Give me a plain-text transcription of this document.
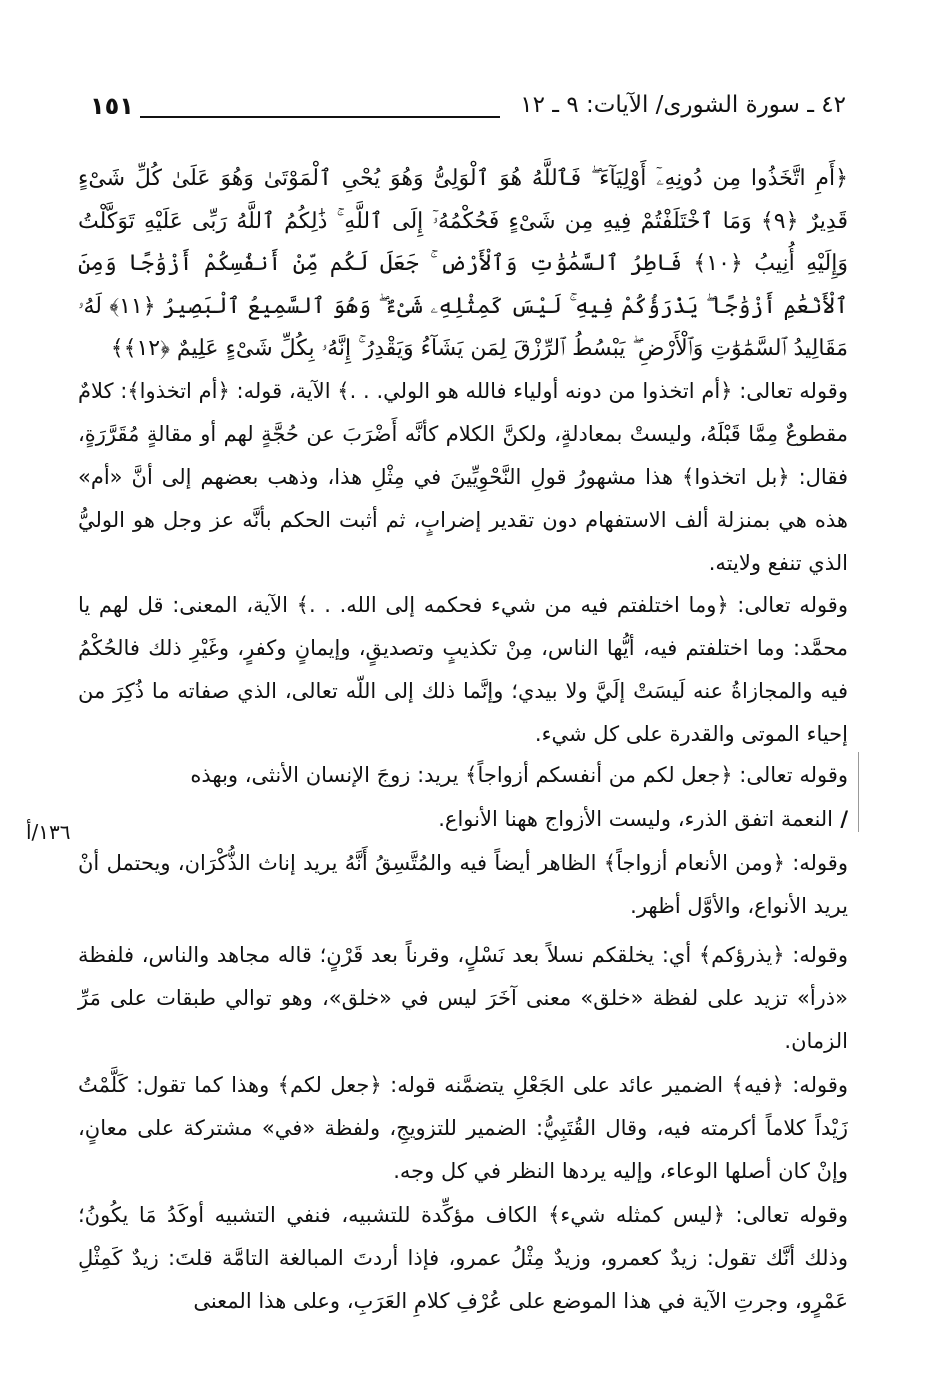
١٥١	٤٢ ـ سورة الشورى/ الآيات: ٩ ـ ١٢
﴿أَمِ اتَّخَذُوا مِن دُونِهِۦٓ أَوْلِيَآءَ ۖ فَٱللَّهُ هُوَ ٱلْوَلِىُّ وَهُوَ يُحْىِ ٱلْمَوْتَىٰ وَهُوَ عَلَىٰ كُلِّ شَىْءٍ قَدِيرٌ ﴿٩﴾ وَمَا ٱخْتَلَفْتُمْ فِيهِ مِن شَىْءٍ فَحُكْمُهُۥٓ إِلَى ٱللَّهِ ۚ ذَٰلِكُمُ ٱللَّهُ رَبِّى عَلَيْهِ تَوَكَّلْتُ وَإِلَيْهِ أُنِيبُ ﴿١٠﴾ فَاطِرُ ٱلسَّمَٰوَٰتِ وَٱلْأَرْضِ ۚ جَعَلَ لَكُم مِّنْ أَنفُسِكُمْ أَزْوَٰجًا وَمِنَ ٱلْأَنْعَٰمِ أَزْوَٰجًا ۖ يَذْرَؤُكُمْ فِيهِ ۚ لَيْسَ كَمِثْلِهِۦ شَىْءٌ ۖ وَهُوَ ٱلسَّمِيعُ ٱلْبَصِيرُ ﴿١١﴾ لَهُۥ مَقَالِيدُ ٱلسَّمَٰوَٰتِ وَٱلْأَرْضِ ۖ يَبْسُطُ ٱلرِّزْقَ لِمَن يَشَآءُ وَيَقْدِرُ ۚ إِنَّهُۥ بِكُلِّ شَىْءٍ عَلِيمٌ ﴿١٢﴾﴾
وقوله تعالى: ﴿أم اتخذوا من دونه أولياء فالله هو الولي. . .﴾ الآية، قوله: ﴿أم اتخذوا﴾: كلامٌ مقطوعٌ مِمَّا قَبْلَهُ، وليستْ بمعادلةٍ، ولكنَّ الكلام كأنَّه أَضْرَبَ عن حُجَّةٍ لهم أو مقالةٍ مُقَرَّرَةٍ، فقال: ﴿بل اتخذوا﴾ هذا مشهورُ قولِ النَّحْوِيِّينَ في مِثْلِ هذا، وذهب بعضهم إلى أنَّ «أم» هذه هي بمنزلة ألف الاستفهام دون تقدير إضرابٍ، ثم أثبت الحكم بأنَّه عز وجل هو الوليُّ الذي تنفع ولايته.
وقوله تعالى: ﴿وما اختلفتم فيه من شيء فحكمه إلى الله. . .﴾ الآية، المعنى: قل لهم يا محمَّد: وما اختلفتم فيه، أيُّها الناس، مِنْ تكذيبٍ وتصديقٍ، وإيمانٍ وكفرٍ، وغَيْرِ ذلك فالحُكْمُ فيه والمجازاةُ عنه لَيسَتْ إلَيَّ ولا بيدي؛ وإنَّما ذلك إلى اللّه تعالى، الذي صفاته ما ذُكِرَ من إحياء الموتى والقدرة على كل شيء.
وقوله تعالى: ﴿جعل لكم من أنفسكم أزواجاً﴾ يريد: زوجَ الإنسان الأنثى، وبهذه
/ النعمة اتفق الذرء، وليست الأزواج ههنا الأنواع.
وقوله: ﴿ومن الأنعام أزواجاً﴾ الظاهر أيضاً فيه والمُتَّسِقُ أَنَّهُ يريد إناث الذُّكْرَان، ويحتمل أنْ يريد الأنواع، والأوَّل أظهر.
وقوله: ﴿يذرؤكم﴾ أي: يخلقكم نسلاً بعد نَسْلٍ، وقرناً بعد قَرْنٍ؛ قاله مجاهد والناس، فلفظة «ذرأ» تزيد على لفظة «خلق» معنى آخَرَ ليس في «خلق»، وهو توالي طبقات على مَرِّ الزمان.
وقوله: ﴿فيه﴾ الضمير عائد على الجَعْلِ يتضمَّنه قوله: ﴿جعل لكم﴾ وهذا كما تقول: كَلَّمْتُ زَيْداً كلاماً أكرمته فيه، وقال القُتَبِيُّ: الضمير للتزويجِ، ولفظة «في» مشتركة على معانٍ، وإنْ كان أصلها الوعاء، وإليه يردها النظر في كل وجه.
وقوله تعالى: ﴿ليس كمثله شيء﴾ الكاف مؤكِّدة للتشبيه، فنفي التشبيه أوكَدُ مَا يكُونُ؛ وذلك أنَّك تقول: زيدٌ كعمرو، وزيدٌ مِثْلُ عمرو، فإذا أردتَ المبالغة التامَّة قلتَ: زيدٌ كَمِثْلِ عَمْرٍو، وجرتِ الآية في هذا الموضع على عُرْفِ كلامِ العَرَبِ، وعلى هذا المعنى
١٣٦/أ
